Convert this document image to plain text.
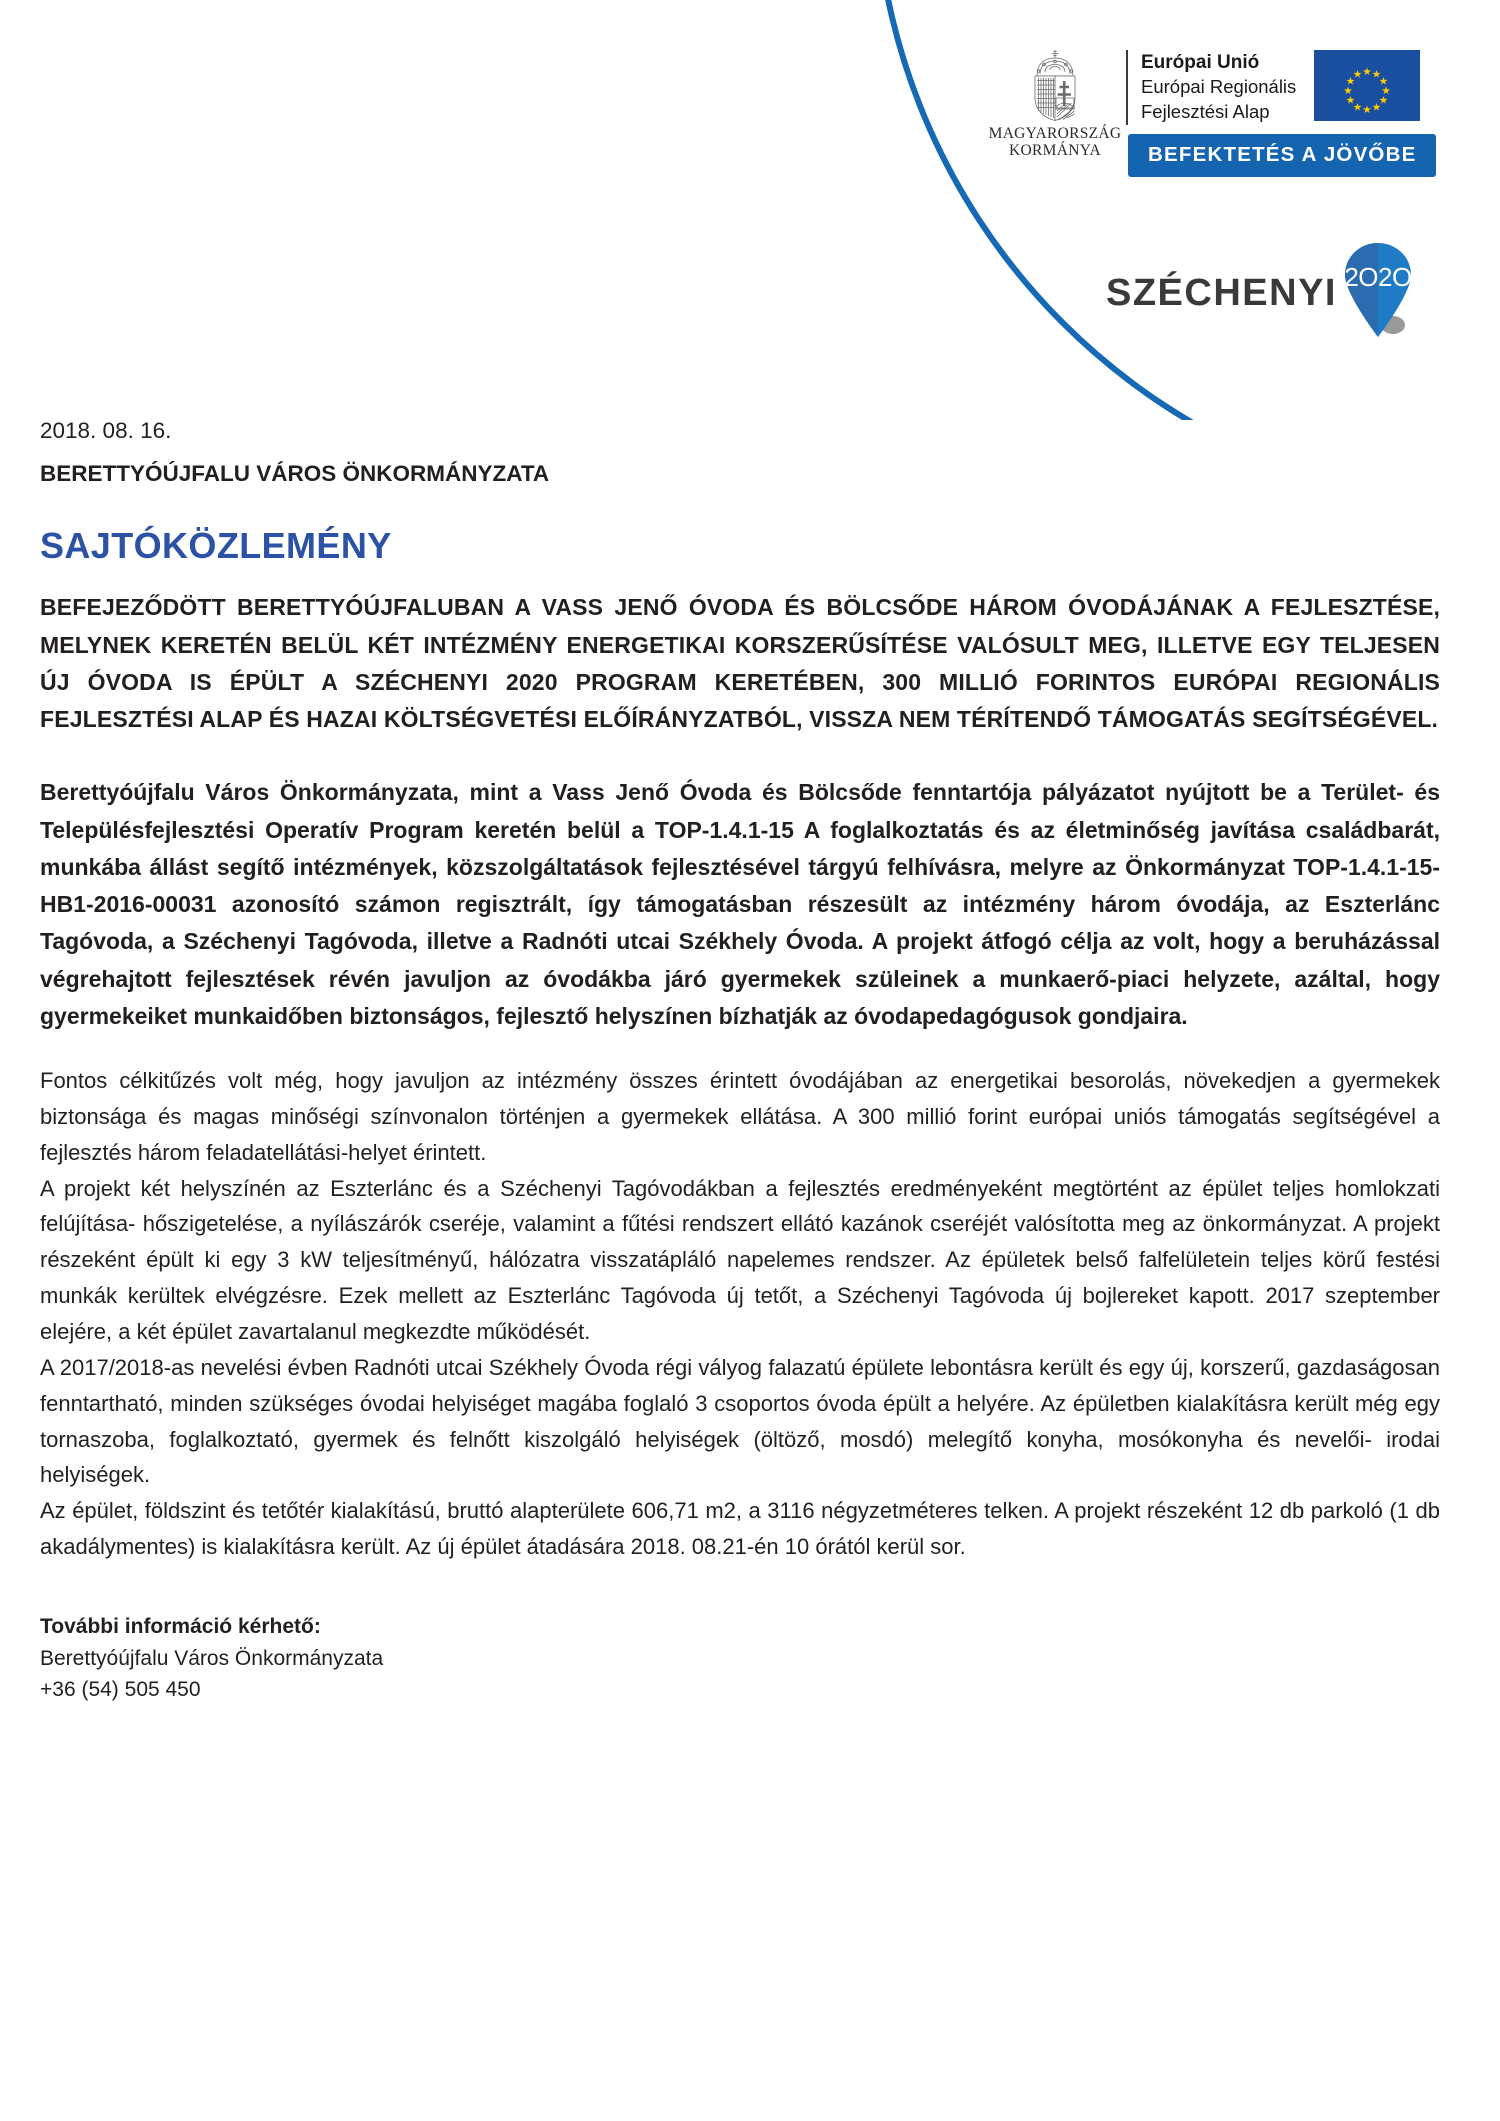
MAGYARORSZÁG
KORMÁNYA
Európai Unió
Európai Regionális
Fejlesztési Alap
BEFEKTETÉS A JÖVŐBE
SZÉCHENYI 2O2O
2018. 08. 16.
BERETTYÓÚJFALU VÁROS ÖNKORMÁNYZATA
SAJTÓKÖZLEMÉNY
BEFEJEZŐDÖTT BERETTYÓÚJFALUBAN A VASS JENŐ ÓVODA ÉS BÖLCSŐDE HÁROM ÓVODÁJÁNAK A FEJLESZTÉSE, MELYNEK KERETÉN BELÜL KÉT INTÉZMÉNY ENERGETIKAI KORSZERŰSÍTÉSE VALÓSULT MEG, ILLETVE EGY TELJESEN ÚJ ÓVODA IS ÉPÜLT A SZÉCHENYI 2020 PROGRAM KERETÉBEN, 300 MILLIÓ FORINTOS EURÓPAI REGIONÁLIS FEJLESZTÉSI ALAP ÉS HAZAI KÖLTSÉGVETÉSI ELŐÍRÁNYZATBÓL, VISSZA NEM TÉRÍTENDŐ TÁMOGATÁS SEGÍTSÉGÉVEL.
Berettyóújfalu Város Önkormányzata, mint a Vass Jenő Óvoda és Bölcsőde fenntartója pályázatot nyújtott be a Terület- és Településfejlesztési Operatív Program keretén belül a TOP-1.4.1-15 A foglalkoztatás és az életminőség javítása családbarát, munkába állást segítő intézmények, közszolgáltatások fejlesztésével tárgyú felhívásra, melyre az Önkormányzat TOP-1.4.1-15-HB1-2016-00031 azonosító számon regisztrált, így támogatásban részesült az intézmény három óvodája, az Eszterlánc Tagóvoda, a Széchenyi Tagóvoda, illetve a Radnóti utcai Székhely Óvoda. A projekt átfogó célja az volt, hogy a beruházással végrehajtott fejlesztések révén javuljon az óvodákba járó gyermekek szüleinek a munkaerő-piaci helyzete, azáltal, hogy gyermekeiket munkaidőben biztonságos, fejlesztő helyszínen bízhatják az óvodapedagógusok gondjaira.
Fontos célkitűzés volt még, hogy javuljon az intézmény összes érintett óvodájában az energetikai besorolás, növekedjen a gyermekek biztonsága és magas minőségi színvonalon történjen a gyermekek ellátása. A 300 millió forint európai uniós támogatás segítségével a fejlesztés három feladatellátási-helyet érintett.
A projekt két helyszínén az Eszterlánc és a Széchenyi Tagóvodákban a fejlesztés eredményeként megtörtént az épület teljes homlokzati felújítása- hőszigetelése, a nyílászárók cseréje, valamint a fűtési rendszert ellátó kazánok cseréjét valósította meg az önkormányzat. A projekt részeként épült ki egy 3 kW teljesítményű, hálózatra visszatápláló napelemes rendszer. Az épületek belső falfelületein teljes körű festési munkák kerültek elvégzésre. Ezek mellett az Eszterlánc Tagóvoda új tetőt, a Széchenyi Tagóvoda új bojlereket kapott. 2017 szeptember elejére, a két épület zavartalanul megkezdte működését.
A 2017/2018-as nevelési évben Radnóti utcai Székhely Óvoda régi vályog falazatú épülete lebontásra került és egy új, korszerű, gazdaságosan fenntartható, minden szükséges óvodai helyiséget magába foglaló 3 csoportos óvoda épült a helyére. Az épületben kialakításra került még egy tornaszoba, foglalkoztató, gyermek és felnőtt kiszolgáló helyiségek (öltöző, mosdó) melegítő konyha, mosókonyha és nevelői- irodai helyiségek.
Az épület, földszint és tetőtér kialakítású, bruttó alapterülete 606,71 m2, a 3116 négyzetméteres telken. A projekt részeként 12 db parkoló (1 db akadálymentes) is kialakításra került. Az új épület átadására 2018. 08.21-én 10 órától kerül sor.
További információ kérhető:
Berettyóújfalu Város Önkormányzata
+36 (54) 505 450
